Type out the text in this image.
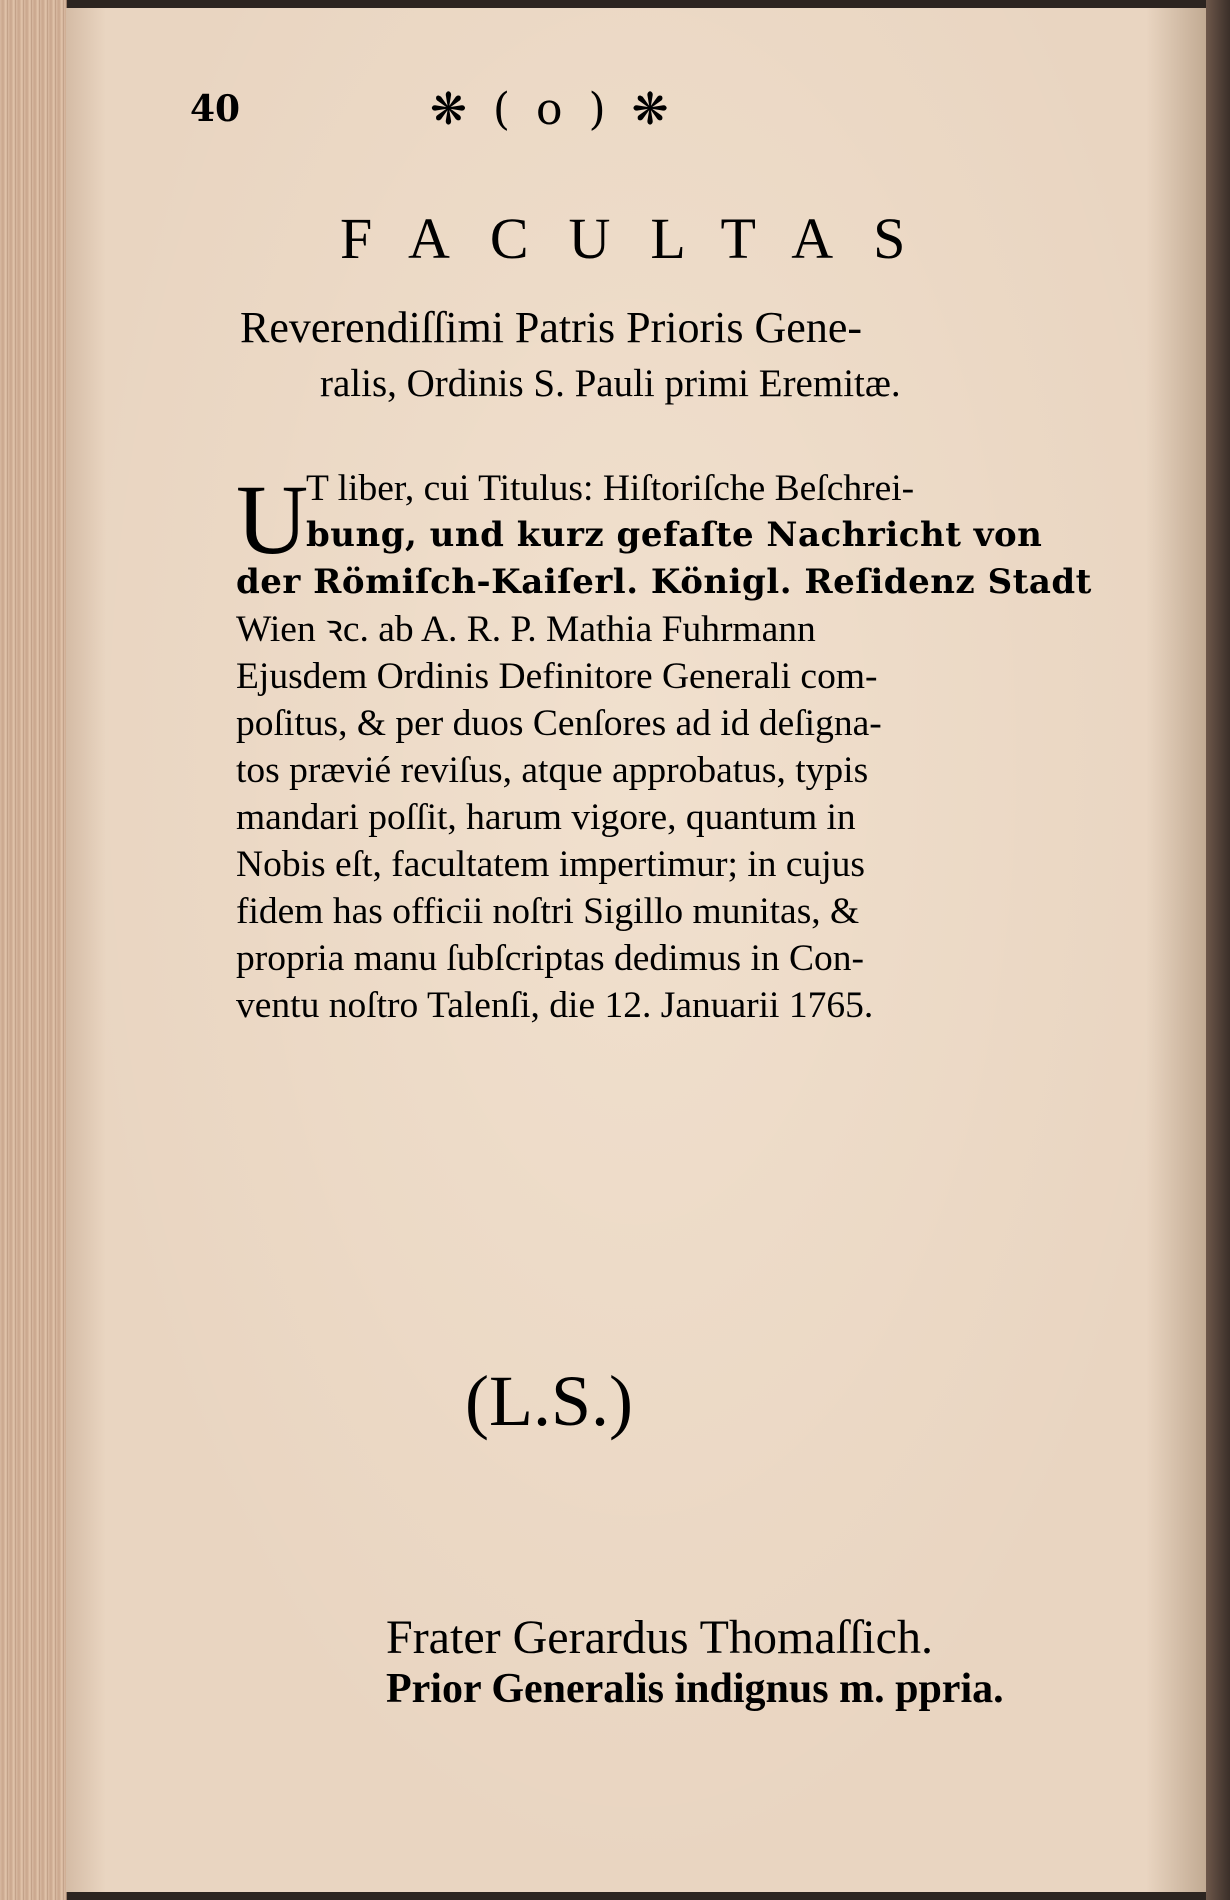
40	❋ ( o ) ❋
FACULTAS
Reverendiſſimi Patris Prioris Gene-
ralis, Ordinis S. Pauli primi Eremitæ.
U
T liber, cui Titulus: Hiſtoriſche Beſchrei-
bung, und kurz gefaſte Nachricht von
der Römiſch-Kaiſerl. Königl. Reſidenz Stadt
Wien ꝛc. ab A. R. P. Mathia Fuhrmann
Ejusdem Ordinis Definitore Generali com-
poſitus, & per duos Cenſores ad id deſigna-
tos prævié reviſus, atque approbatus, typis
mandari poſſit, harum vigore, quantum in
Nobis eſt, facultatem impertimur; in cujus
fidem has officii noſtri Sigillo munitas, &
propria manu ſubſcriptas dedimus in Con-
ventu noſtro Talenſi, die 12. Januarii 1765.
(L.S.)
Frater Gerardus Thomaſſich.
Prior Generalis indignus m. ppria.
